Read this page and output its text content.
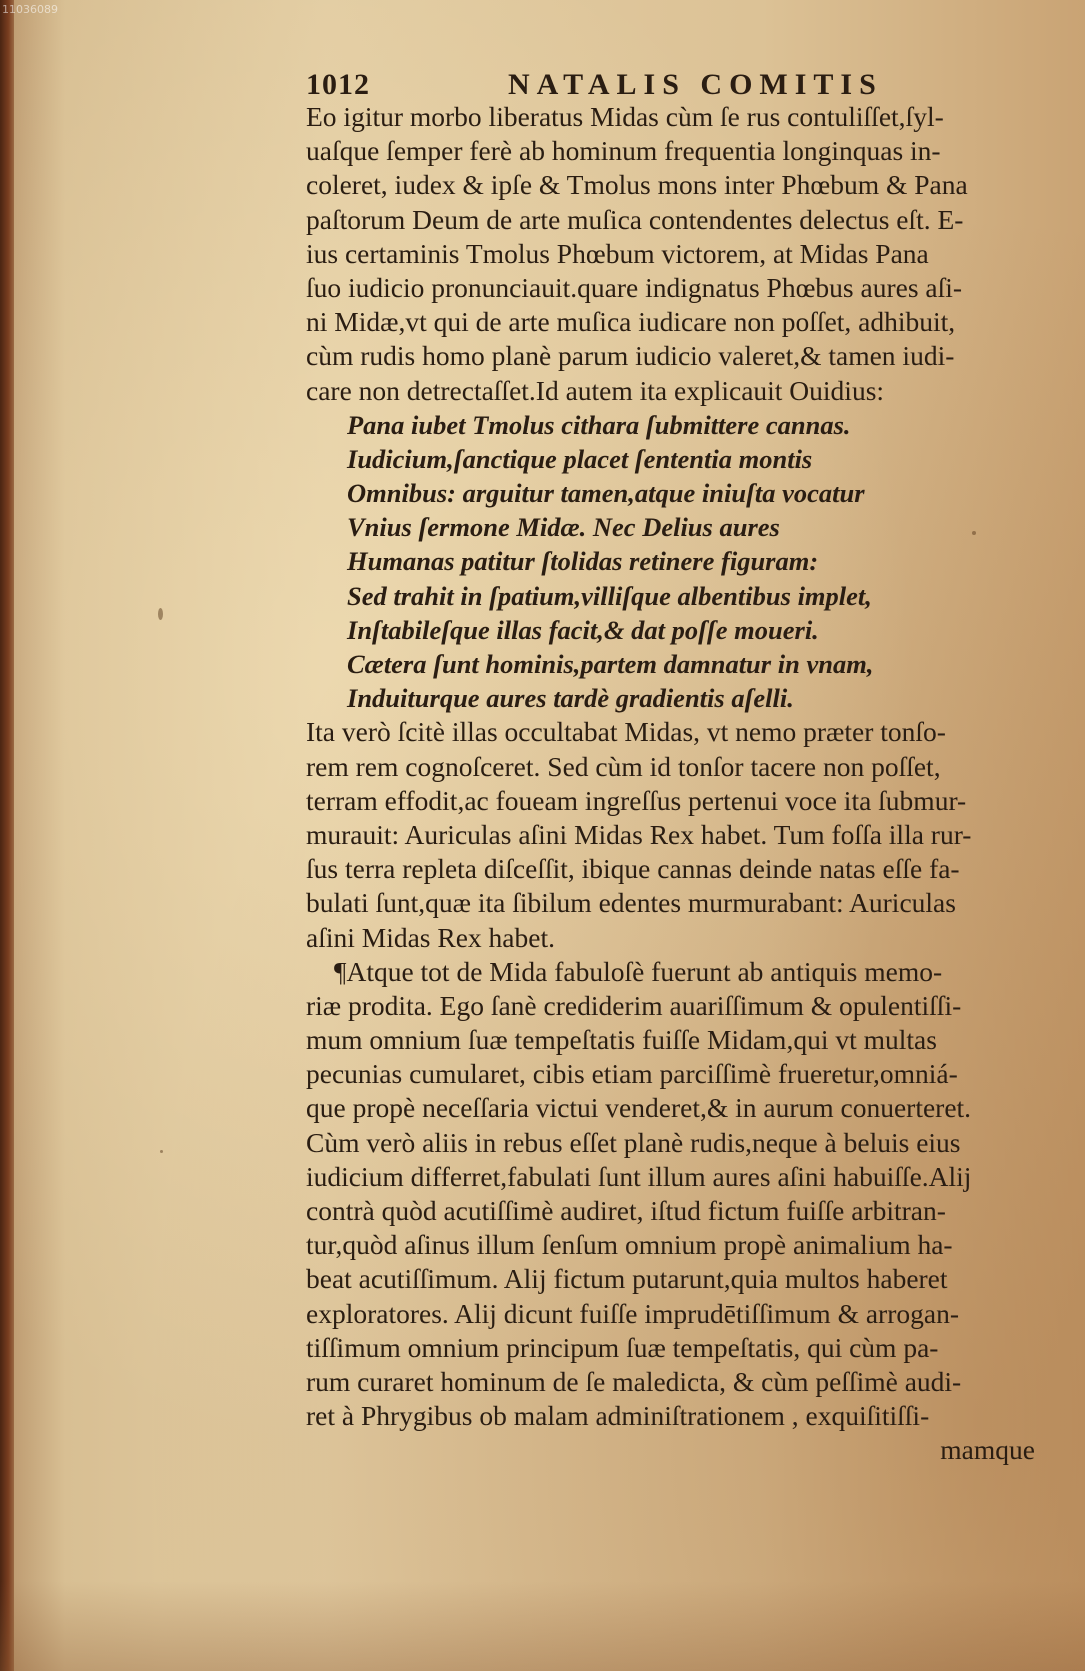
11036089
1012	NATALIS COMITIS
Eo igitur morbo liberatus Midas cùm ſe rus contuliſſet,ſyl-
uaſque ſemper ferè ab hominum frequentia longinquas in-
coleret, iudex & ipſe & Tmolus mons inter Phœbum & Pana
paſtorum Deum de arte muſica contendentes delectus eſt. E-
ius certaminis Tmolus Phœbum victorem, at Midas Pana
ſuo iudicio pronunciauit.quare indignatus Phœbus aures aſi-
ni Midæ,vt qui de arte muſica iudicare non poſſet, adhibuit,
cùm rudis homo planè parum iudicio valeret,& tamen iudi-
care non detrectaſſet.Id autem ita explicauit Ouidius:
Pana iubet Tmolus cithara ſubmittere cannas.
Iudicium,ſanctique placet ſententia montis
Omnibus: arguitur tamen,atque iniuſta vocatur
Vnius ſermone Midæ. Nec Delius aures
Humanas patitur ſtolidas retinere figuram:
Sed trahit in ſpatium,villiſque albentibus implet,
Inſtabileſque illas facit,& dat poſſe moueri.
Cætera ſunt hominis,partem damnatur in vnam,
Induiturque aures tardè gradientis aſelli.
Ita verò ſcitè illas occultabat Midas, vt nemo præter tonſo-
rem rem cognoſceret. Sed cùm id tonſor tacere non poſſet,
terram effodit,ac foueam ingreſſus pertenui voce ita ſubmur-
murauit: Auriculas aſini Midas Rex habet. Tum foſſa illa rur-
ſus terra repleta diſceſſit, ibique cannas deinde natas eſſe fa-
bulati ſunt,quæ ita ſibilum edentes murmurabant: Auriculas
aſini Midas Rex habet.
¶Atque tot de Mida fabuloſè fuerunt ab antiquis memo-
riæ prodita. Ego ſanè crediderim auariſſimum & opulentiſſi-
mum omnium ſuæ tempeſtatis fuiſſe Midam,qui vt multas
pecunias cumularet, cibis etiam parciſſimè frueretur,omniá-
que propè neceſſaria victui venderet,& in aurum conuerteret.
Cùm verò aliis in rebus eſſet planè rudis,neque à beluis eius
iudicium differret,fabulati ſunt illum aures aſini habuiſſe.Alij
contrà quòd acutiſſimè audiret, iſtud fictum fuiſſe arbitran-
tur,quòd aſinus illum ſenſum omnium propè animalium ha-
beat acutiſſimum. Alij fictum putarunt,quia multos haberet
exploratores. Alij dicunt fuiſſe imprudētiſſimum & arrogan-
tiſſimum omnium principum ſuæ tempeſtatis, qui cùm pa-
rum curaret hominum de ſe maledicta, & cùm peſſimè audi-
ret à Phrygibus ob malam adminiſtrationem , exquiſitiſſi-
mamque
